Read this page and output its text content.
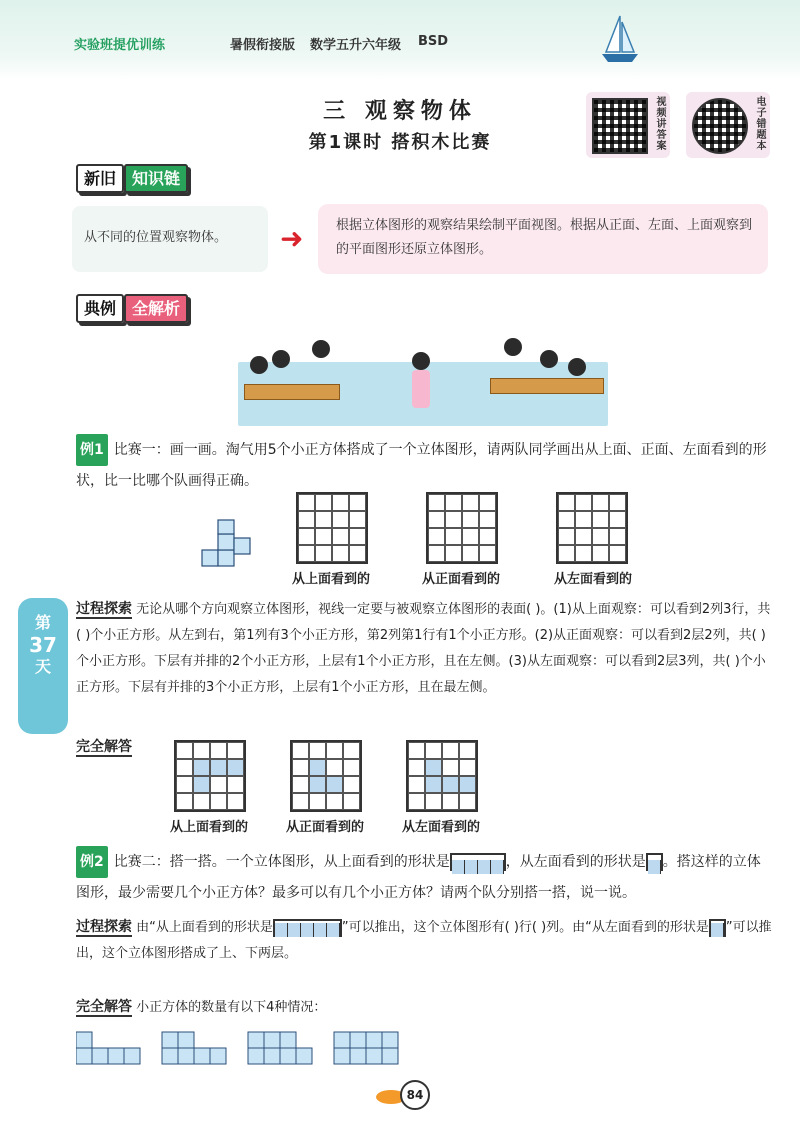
实验班提优训练	暑假衔接版 数学五升六年级 BSD
三 观察物体
第1课时 搭积木比赛	视频讲答案	电子错题本
新旧 知识链
从不同的位置观察物体。	➜	根据立体图形的观察结果绘制平面视图。根据从正面、左面、上面观察到的平面图形还原立体图形。
典例 全解析
例1 比赛一：画一画。淘气用5个小正方体搭成了一个立体图形，请两队同学画出从上面、正面、左面看到的形状，比一比哪个队画得正确。
从上面看到的	从正面看到的	从左面看到的
第
37
天
过程探索 无论从哪个方向观察立体图形，视线一定要与被观察立体图形的表面( )。(1)从上面观察：可以看到2列3行，共( )个小正方形。从左到右，第1列有3个小正方形，第2列第1行有1个小正方形。(2)从正面观察：可以看到2层2列，共( )个小正方形。下层有并排的2个小正方形，上层有1个小正方形，且在左侧。(3)从左面观察：可以看到2层3列，共( )个小正方形。下层有并排的3个小正方形，上层有1个小正方形，且在最左侧。
完全解答
从上面看到的	从正面看到的	从左面看到的
例2 比赛二：搭一搭。一个立体图形，从上面看到的形状是	，从左面看到的形状是 。搭这样的立体图形，最少需要几个小正方体？最多可以有几个小正方体？请两个队分别搭一搭，说一说。
过程探索 由“从上面看到的形状是	”可以推出，这个立体图形有( )行( )列。由“从左面看到的形状是 ”可以推出，这个立体图形搭成了上、下两层。
完全解答 小正方体的数量有以下4种情况：
84
